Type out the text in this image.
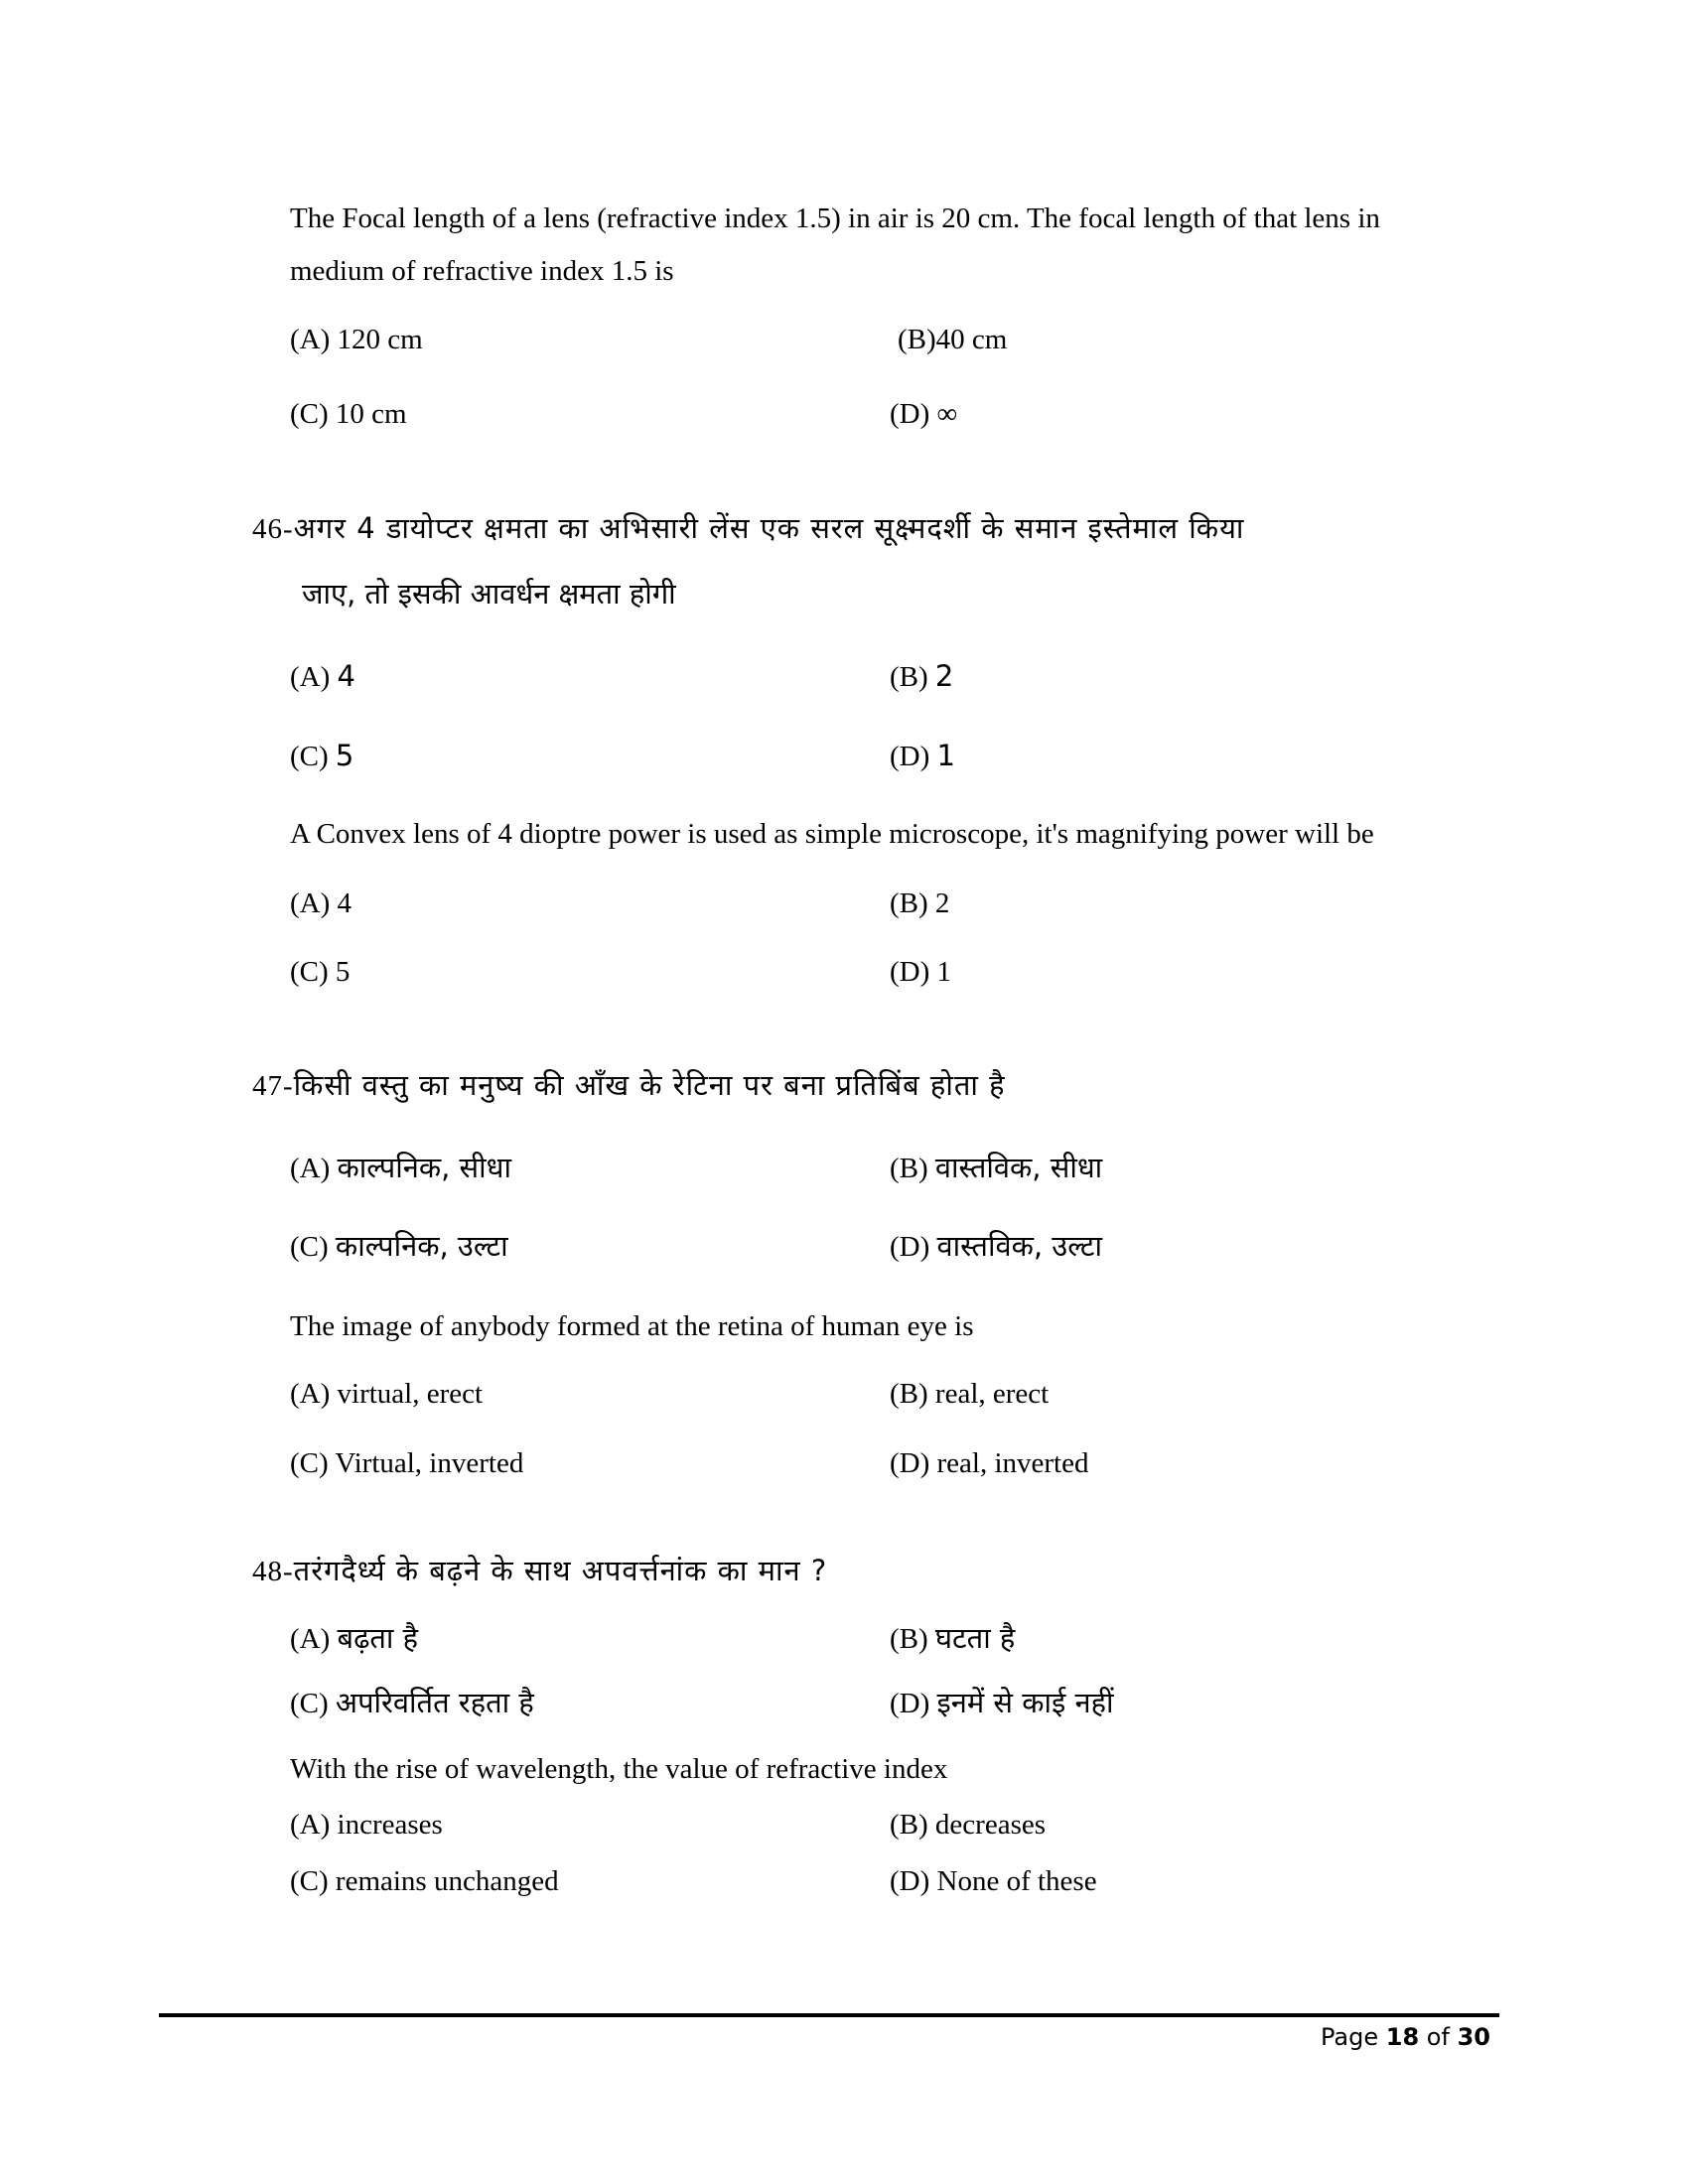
The Focal length of a lens (refractive index 1.5) in air is 20 cm. The focal length of that lens in
medium of refractive index 1.5 is
(A) 120 cm	(B)40 cm
(C) 10 cm	(D) ∞
46-अगर 4 डायोप्टर क्षमता का अभिसारी लेंस एक सरल सूक्ष्मदर्शी के समान इस्तेमाल किया
जाए, तो इसकी आवर्धन क्षमता होगी
(A) 4	(B) 2
(C) 5	(D) 1
A Convex lens of 4 dioptre power is used as simple microscope, it's magnifying power will be
(A) 4	(B) 2
(C) 5	(D) 1
47-किसी वस्तु का मनुष्य की आँख के रेटिना पर बना प्रतिबिंब होता है
(A) काल्पनिक, सीधा	(B) वास्तविक, सीधा
(C) काल्पनिक, उल्टा	(D) वास्तविक, उल्टा
The image of anybody formed at the retina of human eye is
(A) virtual, erect	(B) real, erect
(C) Virtual, inverted	(D) real, inverted
48-तरंगदैर्ध्य के बढ़ने के साथ अपवर्त्तनांक का मान ?
(A) बढ़ता है	(B) घटता है
(C) अपरिवर्तित रहता है	(D) इनमें से काई नहीं
With the rise of wavelength, the value of refractive index
(A) increases	(B) decreases
(C) remains unchanged	(D) None of these
Page 18 of 30
